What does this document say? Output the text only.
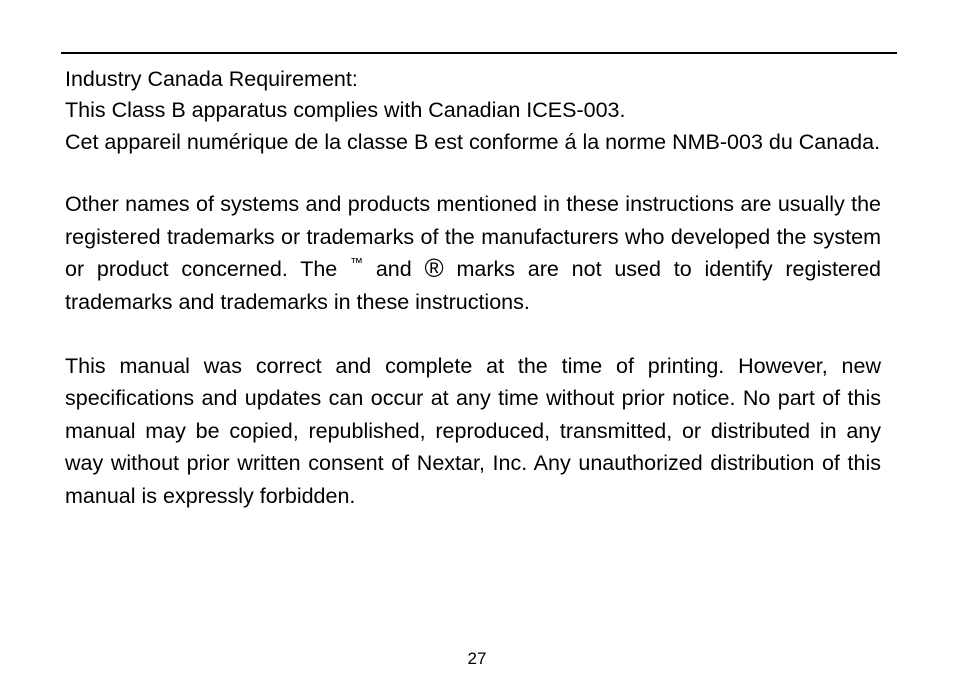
Industry Canada Requirement:

This Class B apparatus complies with Canadian ICES-003.

Cet appareil numérique de la classe B est conforme á la norme NMB-003 du Canada.

Other names of systems and products mentioned in these instructions are usually the registered trademarks or trademarks of the manufacturers who developed the system or product concerned. The ™ and ® marks are not used to identify registered trademarks and trademarks in these instructions.

This manual was correct and complete at the time of printing. However, new specifications and updates can occur at any time without prior notice. No part of this manual may be copied, republished, reproduced, transmitted, or distributed in any way without prior written consent of Nextar, Inc. Any unauthorized distribution of this manual is expressly forbidden.

27
